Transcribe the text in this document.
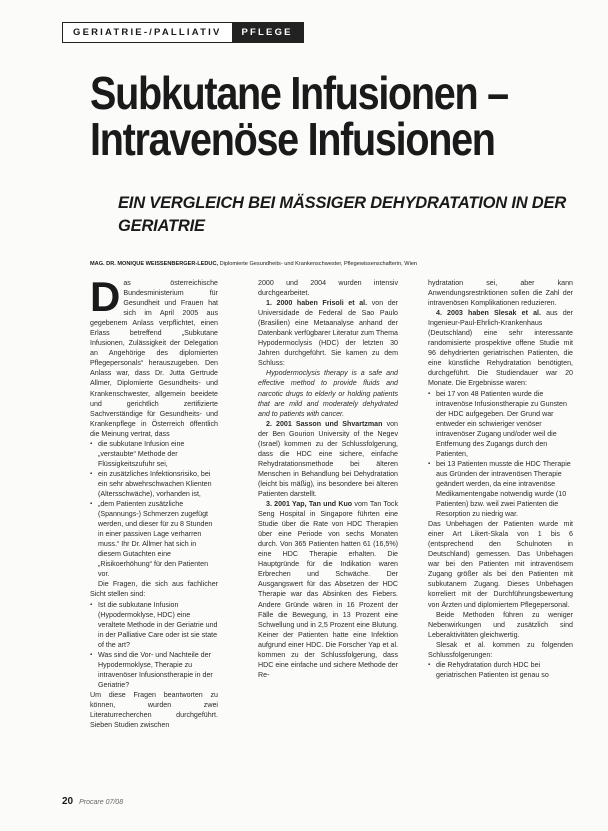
GERIATRIE-/PALLIATIV	PFLEGE
Subkutane Infusionen –
Intravenöse Infusionen
EIN VERGLEICH BEI MÄSSIGER DEHYDRATATION IN DER GERIATRIE
MAG. DR. MONIQUE WEISSENBERGER-LEDUC, Diplomierte Gesundheits- und Krankenschwester, Pflegewissenschafterin, Wien

Das österreichische Bundesministerium für Gesundheit und Frauen hat sich im April 2005 aus gegebenem Anlass verpflichtet, einen Erlass betreffend „Subkutane Infusionen, Zulässigkeit der Delegation an Angehörige des diplomierten Pflegepersonals“ herauszugeben. Den Anlass war, dass Dr. Jutta Gertrude Allmer, Diplomierte Gesundheits- und Krankenschwester, allgemein beeidete und gerichtlich zertifizierte Sachverständige für Gesundheits- und Krankenpflege in Österreich öffentlich die Meinung vertrat, dass

▪ die subkutane Infusion eine „verstaubte“ Methode der Flüssigkeitszufuhr sei,

▪ ein zusätzliches Infektionsrisiko, bei ein sehr abwehrschwachen Klienten (Altersschwäche), vorhanden ist,

▪ „dem Patienten zusätzliche (Spannungs-) Schmerzen zugefügt werden, und dieser für zu 8 Stunden in einer passiven Lage verharren muss.“ Ihr Dr. Allmer hat sich in diesem Gutachten eine „Risikoerhöhung“ für den Patienten vor.

Die Fragen, die sich aus fachlicher Sicht stellen sind:

▪ Ist die subkutane Infusion (Hypodermoklyse, HDC) eine veraltete Methode in der Geriatrie und in der Palliative Care oder ist sie state of the art?

▪ Was sind die Vor- und Nachteile der Hypodermoklyse, Therapie zu intravenöser Infusionstherapie in der Geriatrie?

Um diese Fragen beantworten zu können, wurden zwei Literaturrecherchen durchgeführt. Sieben Studien zwischen

2000 und 2004 wurden intensiv durchgearbeitet.

1. 2000 haben Frisoli et al. von der Universidade de Federal de Sao Paulo (Brasilien) eine Metaanalyse anhand der Datenbank verfügbarer Literatur zum Thema Hypodermoclysis (HDC) der letzten 30 Jahren durchgeführt. Sie kamen zu dem Schluss:

Hypodermoclysis therapy is a safe and effective method to provide fluids and narcotic drugs to elderly or holding patients that are mild and moderately dehydrated and to patients with cancer.

2. 2001 Sasson und Shvartzman von der Ben Gourion University of the Negev (Israel) kommen zu der Schlussfolgerung, dass die HDC eine sichere, einfache Rehydratationsmethode bei älteren Menschen in Behandlung bei Dehydratation (leicht bis mäßig), ins besondere bei älteren Patienten darstellt.

3. 2001 Yap, Tan und Kuo vom Tan Tock Seng Hospital in Singapore führten eine Studie über die Rate von HDC Therapien über eine Periode von sechs Monaten durch. Von 365 Patienten hatten 61 (16,5%) eine HDC Therapie erhalten. Die Hauptgründe für die Indikation waren Erbrechen und Schwäche. Der Ausgangswert für das Absetzen der HDC Therapie war das Absinken des Fiebers. Andere Gründe wären in 16 Prozent der Fälle die Bewegung, in 13 Prozent eine Schwellung und in 2,5 Prozent eine Blutung. Keiner der Patienten hatte eine Infektion aufgrund einer HDC. Die Forscher Yap et al. kommen zu der Schlussfolgerung, dass HDC eine einfache und sichere Methode der Re-

hydratation sei, aber kann Anwendungsrestriktionen sollen die Zahl der intravenösen Komplikationen reduzieren.

4. 2003 haben Slesak et al. aus der Ingenieur-Paul-Ehrlich-Krankenhaus (Deutschland) eine sehr interessante randomisierte prospektive offene Studie mit 96 dehydrierten geriatrischen Patienten, die eine künstliche Rehydratation benötigten, durchgeführt. Die Studiendauer war 20 Monate. Die Ergebnisse waren:

▪ bei 17 von 48 Patienten wurde die intravenöse Infusionstherapie zu Gunsten der HDC aufgegeben. Der Grund war entweder ein schwieriger venöser intravenöser Zugang und/oder weil die Entfernung des Zugangs durch den Patienten,

▪ bei 13 Patienten musste die HDC Therapie aus Gründen der intravenösen Therapie geändert werden, da eine intravenöse Medikamentengabe notwendig wurde (10 Patienten) bzw. weil zwei Patienten die Resorption zu niedrig war.

Das Unbehagen der Patienten wurde mit einer Art Likert-Skala von 1 bis 6 (entsprechend den Schulnoten in Deutschland) gemessen. Das Unbehagen war bei den Patienten mit intravenösem Zugang größer als bei den Patienten mit subkutanem Zugang. Dieses Unbehagen korreliert mit der Durchführungsbewertung von Ärzten und diplomiertem Pflegepersonal.

Beide Methoden führen zu weniger Nebenwirkungen und zusätzlich sind Leberaktivitäten gleichwertig.

Slesak et al. kommen zu folgenden Schlussfolgerungen:

▪ die Rehydratation durch HDC bei geriatrischen Patienten ist genau so

20 Procare 07/08
